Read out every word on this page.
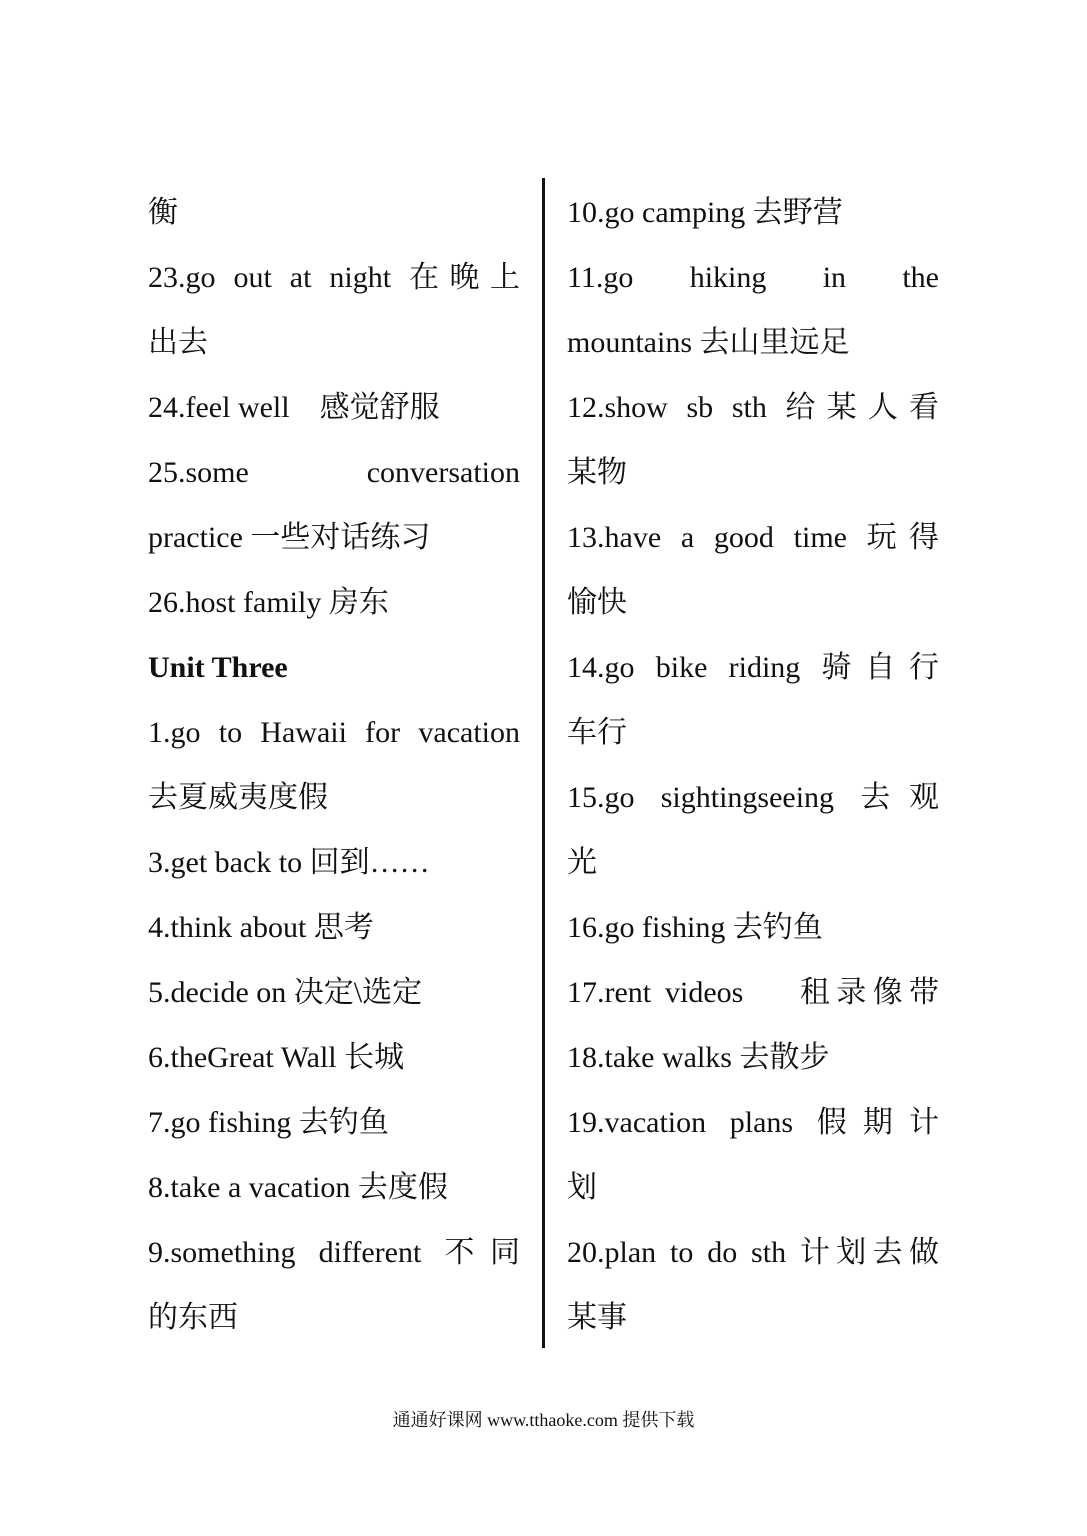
衡
23.go out at night 在晚上
出去
24.feel well　感觉舒服
25.some conversation
practice 一些对话练习
26.host family 房东
Unit Three
1.go to Hawaii for vacation
去夏威夷度假
3.get back to 回到……
4.think about 思考
5.decide on 决定\选定
6.theGreat Wall 长城
7.go fishing 去钓鱼
8.take a vacation 去度假
9.something different 不同
的东西
10.go camping 去野营
11.go hiking in the
mountains 去山里远足
12.show sb sth 给某人看
某物
13.have a good time 玩得
愉快
14.go bike riding 骑自行
车行
15.go sightingseeing 去观
光
16.go fishing 去钓鱼
17.rent videos　 租录像带
18.take walks 去散步
19.vacation plans 假期计
划
20.plan to do sth 计划去做
某事
通通好课网 www.tthaoke.com 提供下载
